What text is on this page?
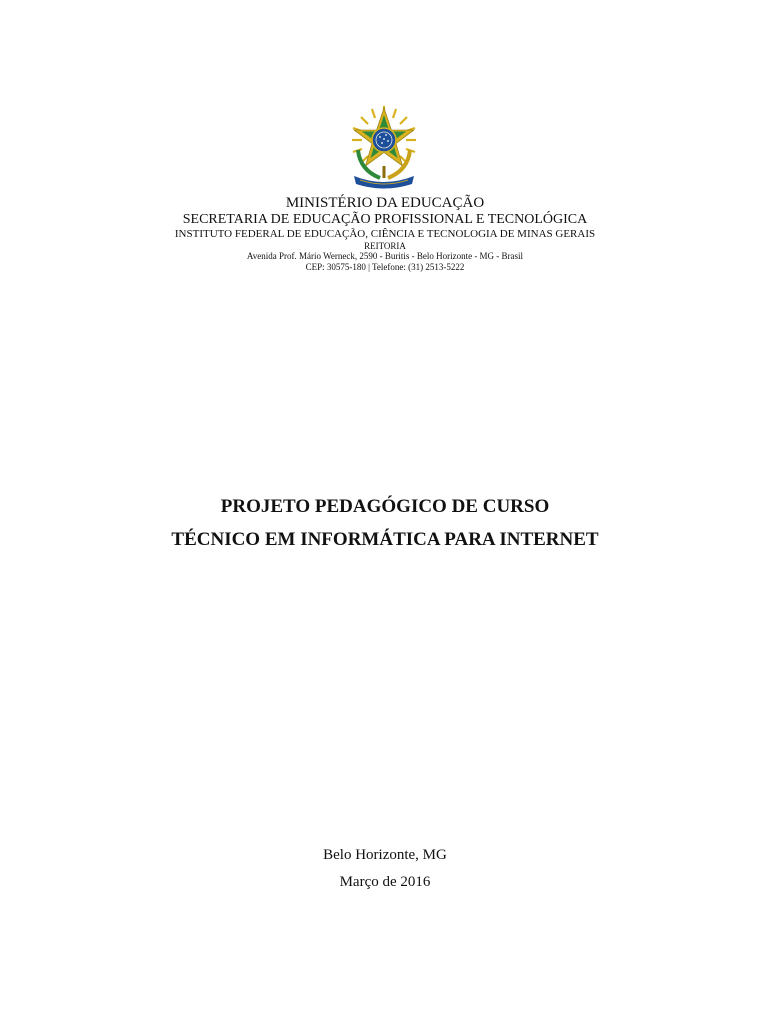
MINISTÉRIO DA EDUCAÇÃO
SECRETARIA DE EDUCAÇÃO PROFISSIONAL E TECNOLÓGICA
INSTITUTO FEDERAL DE EDUCAÇÃO, CIÊNCIA E TECNOLOGIA DE MINAS GERAIS
REITORIA
Avenida Prof. Mário Werneck, 2590 - Buritis - Belo Horizonte - MG - Brasil
CEP: 30575-180 | Telefone: (31) 2513-5222
PROJETO PEDAGÓGICO DE CURSO
TÉCNICO EM INFORMÁTICA PARA INTERNET
Belo Horizonte, MG
Março de 2016
